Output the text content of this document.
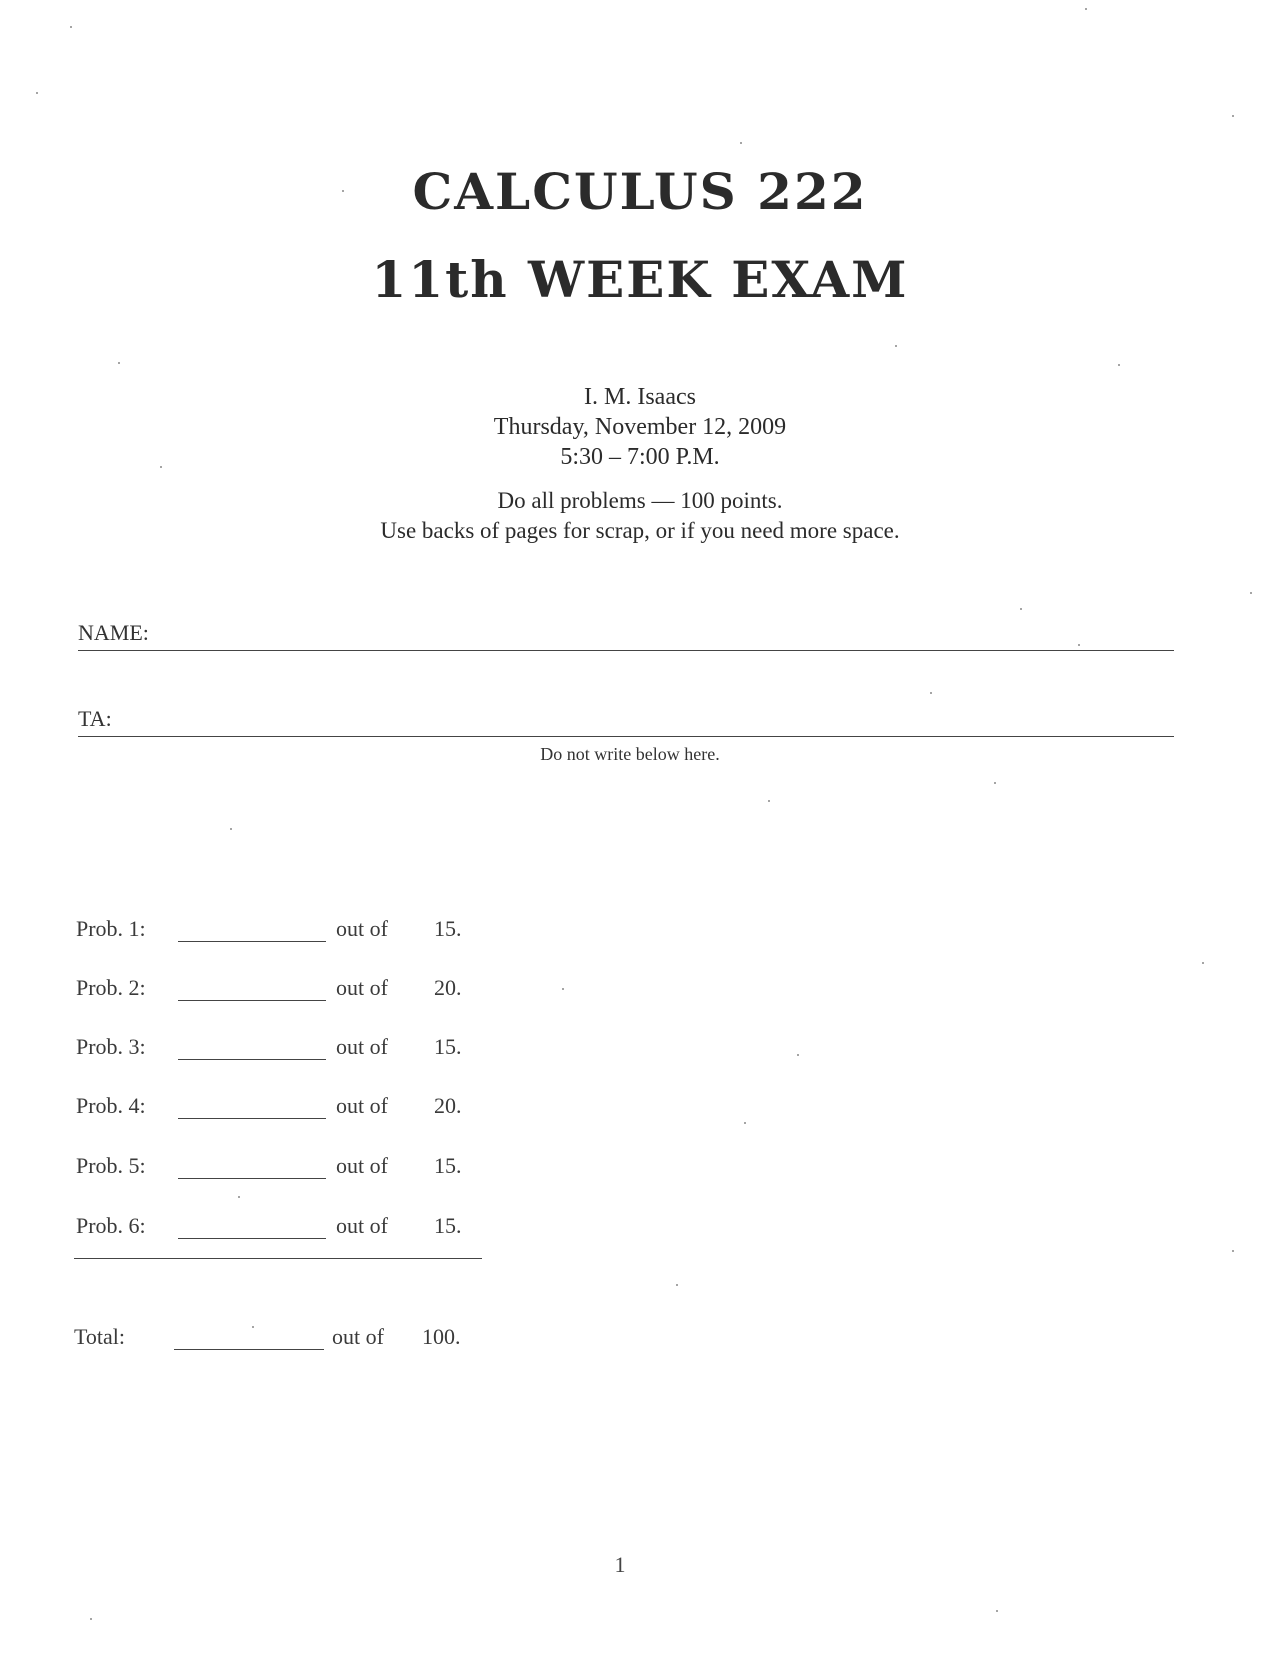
CALCULUS 222
11th WEEK EXAM
I. M. Isaacs
Thursday, November 12, 2009
5:30 – 7:00 P.M.
Do all problems — 100 points.
Use backs of pages for scrap, or if you need more space.
NAME:
TA:
Do not write below here.
Prob. 1:	out of 15.
Prob. 2:	out of 20.
Prob. 3:	out of 15.
Prob. 4:	out of 20.
Prob. 5:	out of 15.
Prob. 6:	out of 15.
Total:	out of 100.
1
